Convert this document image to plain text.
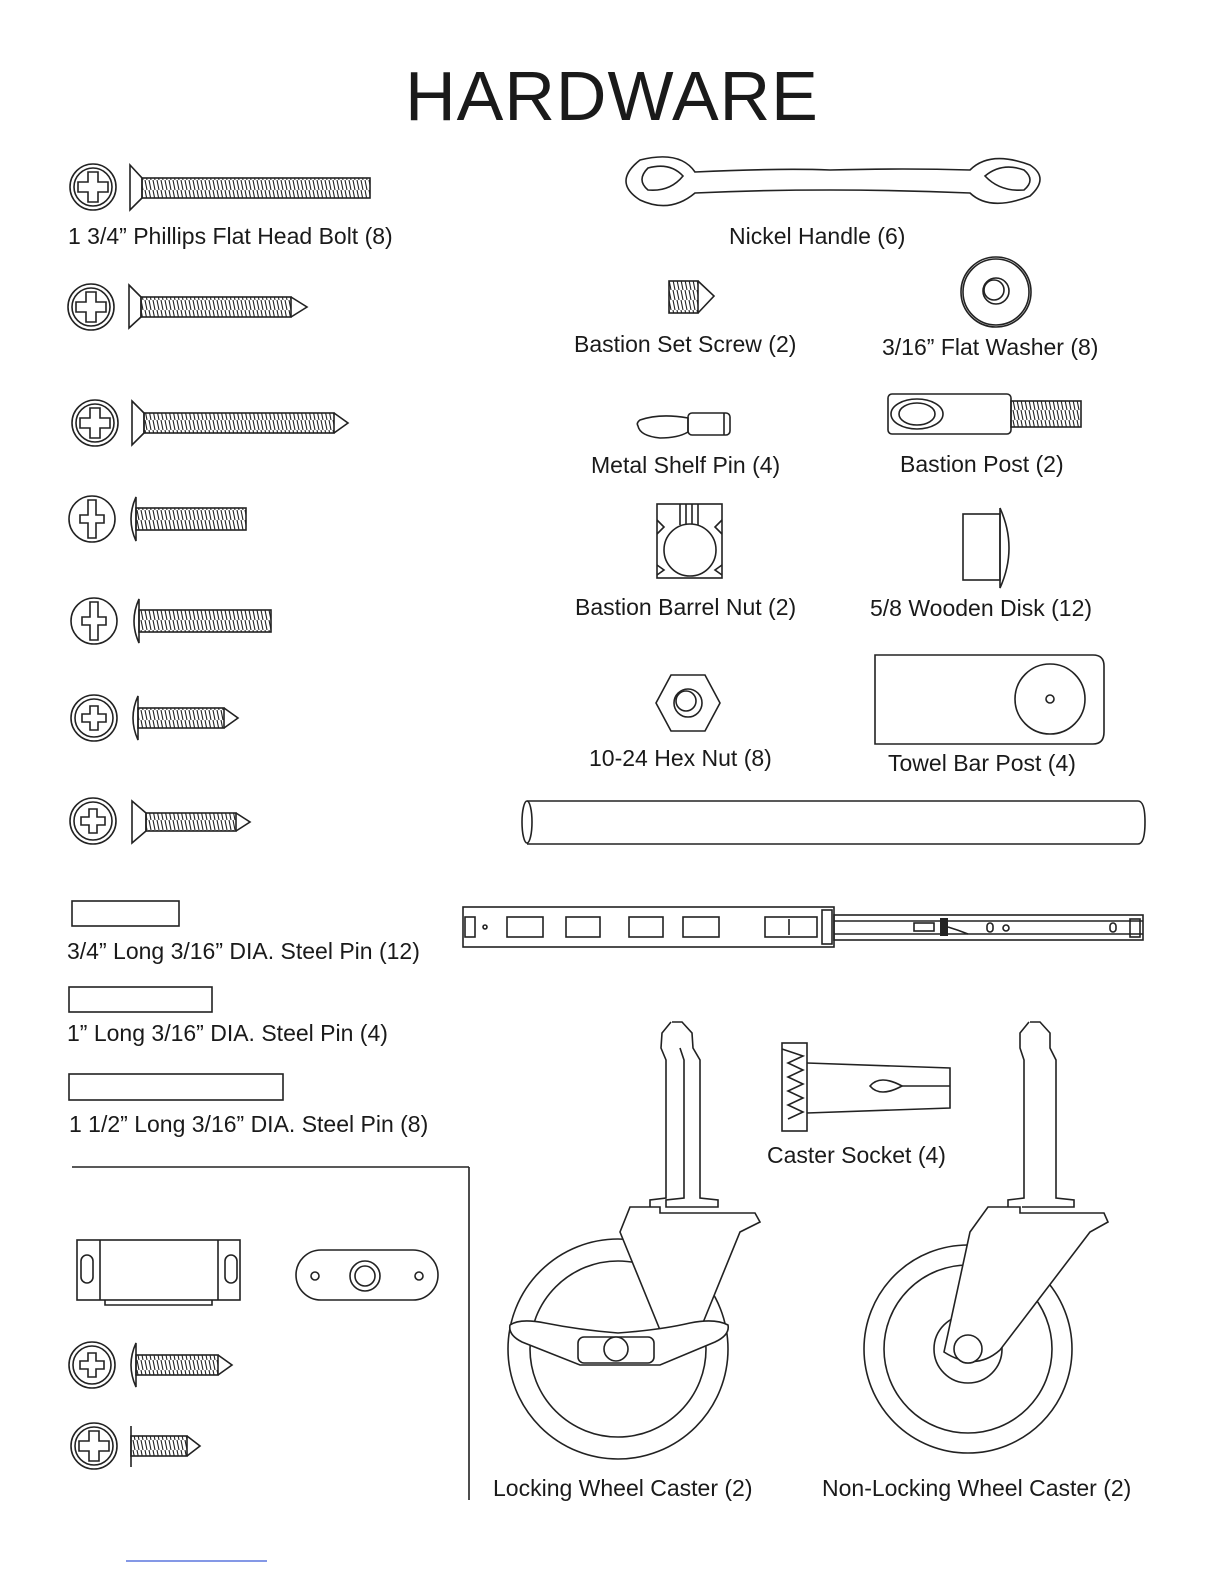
HARDWARE
1 3/4” Phillips Flat Head Bolt (8)	Nickel Handle (6)
Bastion Set Screw (2)	3/16” Flat Washer (8)
Metal Shelf Pin (4)	Bastion Post (2)
Bastion Barrel Nut (2)	5/8 Wooden Disk (12)
10-24 Hex Nut (8)	Towel Bar Post (4)
3/4” Long 3/16” DIA. Steel Pin (12)
1” Long 3/16” DIA. Steel Pin (4)
1 1/2” Long 3/16” DIA. Steel Pin (8)
Caster Socket (4)
Locking Wheel Caster (2)	Non-Locking Wheel Caster (2)
